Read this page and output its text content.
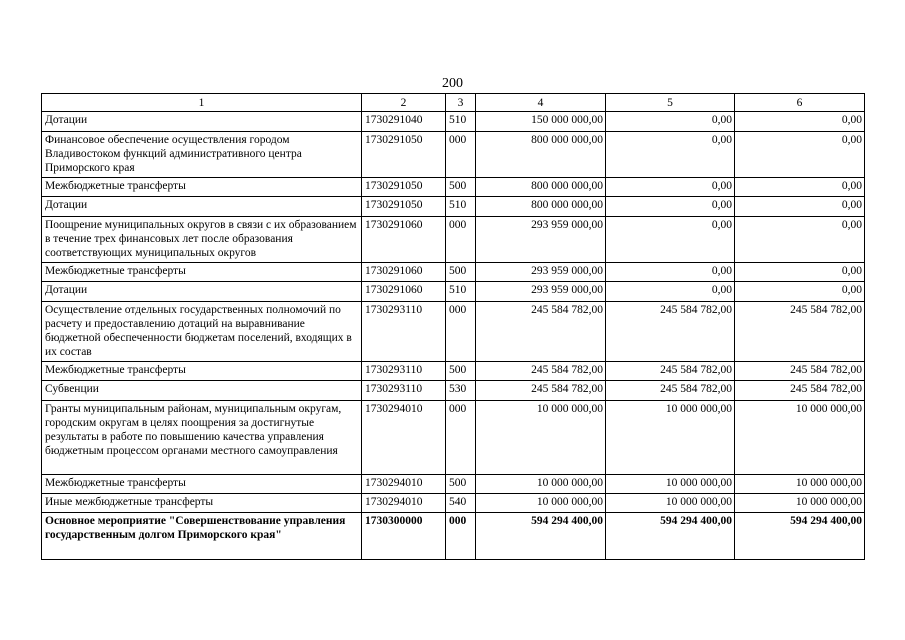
200
1	2	3	4	5	6
Дотации	1730291040	510	150 000 000,00	0,00	0,00
Финансовое обеспечение осуществления городом Владивостоком функций административного центра Приморского края	1730291050	000	800 000 000,00	0,00	0,00
Межбюджетные трансферты	1730291050	500	800 000 000,00	0,00	0,00
Дотации	1730291050	510	800 000 000,00	0,00	0,00
Поощрение муниципальных округов в связи с их образованием в течение трех финансовых лет после образования соответствующих муниципальных округов	1730291060	000	293 959 000,00	0,00	0,00
Межбюджетные трансферты	1730291060	500	293 959 000,00	0,00	0,00
Дотации	1730291060	510	293 959 000,00	0,00	0,00
Осуществление отдельных государственных полномочий по расчету и предоставлению дотаций на выравнивание бюджетной обеспеченности бюджетам поселений, входящих в их состав	1730293110	000	245 584 782,00	245 584 782,00	245 584 782,00
Межбюджетные трансферты	1730293110	500	245 584 782,00	245 584 782,00	245 584 782,00
Субвенции	1730293110	530	245 584 782,00	245 584 782,00	245 584 782,00
Гранты муниципальным районам, муниципальным округам, городским округам в целях поощрения за достигнутые результаты в работе по повышению качества управления бюджетным процессом органами местного самоуправления	1730294010	000	10 000 000,00	10 000 000,00	10 000 000,00
Межбюджетные трансферты	1730294010	500	10 000 000,00	10 000 000,00	10 000 000,00
Иные межбюджетные трансферты	1730294010	540	10 000 000,00	10 000 000,00	10 000 000,00
Основное мероприятие "Совершенствование управления государственным долгом Приморского края"	1730300000	000	594 294 400,00	594 294 400,00	594 294 400,00
